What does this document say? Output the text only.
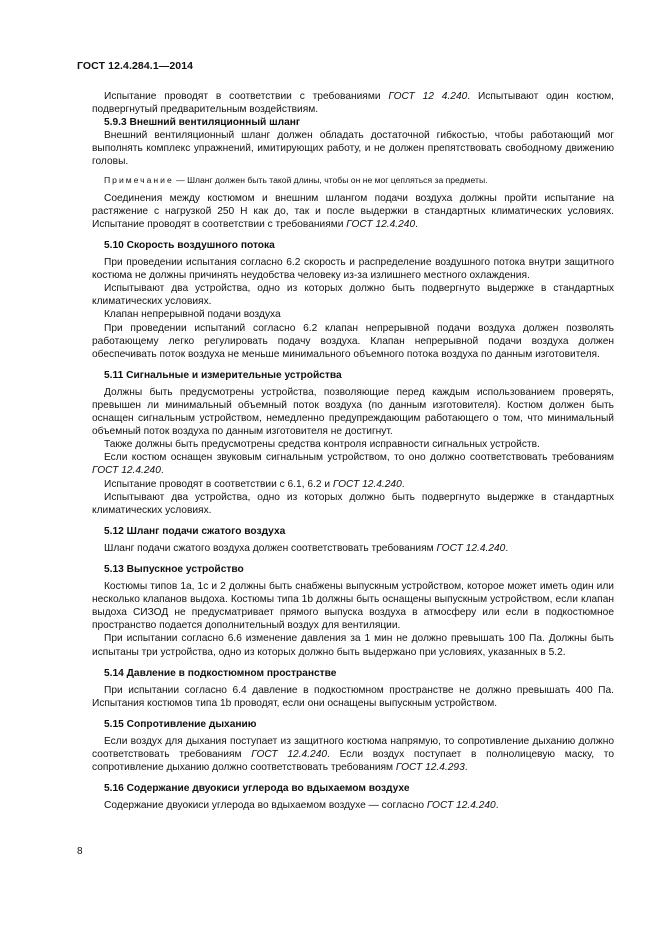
ГОСТ 12.4.284.1—2014

Испытание проводят в соответствии с требованиями ГОСТ 12 4.240. Испытывают один костюм, подвергнутый предварительным воздействиям.

5.9.3 Внешний вентиляционный шланг

Внешний вентиляционный шланг должен обладать достаточной гибкостью, чтобы работающий мог выполнять комплекс упражнений, имитирующих работу, и не должен препятствовать свободному движению головы.

Примечание — Шланг должен быть такой длины, чтобы он не мог цепляться за предметы.

Соединения между костюмом и внешним шлангом подачи воздуха должны пройти испытание на растяжение с нагрузкой 250 Н как до, так и после выдержки в стандартных климатических условиях. Испытание проводят в соответствии с требованиями ГОСТ 12.4.240.

5.10 Скорость воздушного потока

При проведении испытания согласно 6.2 скорость и распределение воздушного потока внутри защитного костюма не должны причинять неудобства человеку из-за излишнего местного охлаждения.

Испытывают два устройства, одно из которых должно быть подвергнуто выдержке в стандартных климатических условиях.

Клапан непрерывной подачи воздуха

При проведении испытаний согласно 6.2 клапан непрерывной подачи воздуха должен позволять работающему легко регулировать подачу воздуха. Клапан непрерывной подачи воздуха должен обеспечивать поток воздуха не меньше минимального объемного потока воздуха по данным изготовителя.

5.11 Сигнальные и измерительные устройства

Должны быть предусмотрены устройства, позволяющие перед каждым использованием проверять, превышен ли минимальный объемный поток воздуха (по данным изготовителя). Костюм должен быть оснащен сигнальным устройством, немедленно предупреждающим работающего о том, что минимальный объемный поток воздуха по данным изготовителя не достигнут.

Также должны быть предусмотрены средства контроля исправности сигнальных устройств.

Если костюм оснащен звуковым сигнальным устройством, то оно должно соответствовать требованиям ГОСТ 12.4.240.

Испытание проводят в соответствии с 6.1, 6.2 и ГОСТ 12.4.240.

Испытывают два устройства, одно из которых должно быть подвергнуто выдержке в стандартных климатических условиях.

5.12 Шланг подачи сжатого воздуха

Шланг подачи сжатого воздуха должен соответствовать требованиям ГОСТ 12.4.240.

5.13 Выпускное устройство

Костюмы типов 1а, 1с и 2 должны быть снабжены выпускным устройством, которое может иметь один или несколько клапанов выдоха. Костюмы типа 1b должны быть оснащены выпускным устройством, если клапан выдоха СИЗОД не предусматривает прямого выпуска воздуха в атмосферу или если в подкостюмное пространство подается дополнительный воздух для вентиляции.

При испытании согласно 6.6 изменение давления за 1 мин не должно превышать 100 Па. Должны быть испытаны три устройства, одно из которых должно быть выдержано при условиях, указанных в 5.2.

5.14 Давление в подкостюмном пространстве

При испытании согласно 6.4 давление в подкостюмном пространстве не должно превышать 400 Па. Испытания костюмов типа 1b проводят, если они оснащены выпускным устройством.

5.15 Сопротивление дыханию

Если воздух для дыхания поступает из защитного костюма напрямую, то сопротивление дыханию должно соответствовать требованиям ГОСТ 12.4.240. Если воздух поступает в полнолицевую маску, то сопротивление дыханию должно соответствовать требованиям ГОСТ 12.4.293.

5.16 Содержание двуокиси углерода во вдыхаемом воздухе

Содержание двуокиси углерода во вдыхаемом воздухе — согласно ГОСТ 12.4.240.

8
